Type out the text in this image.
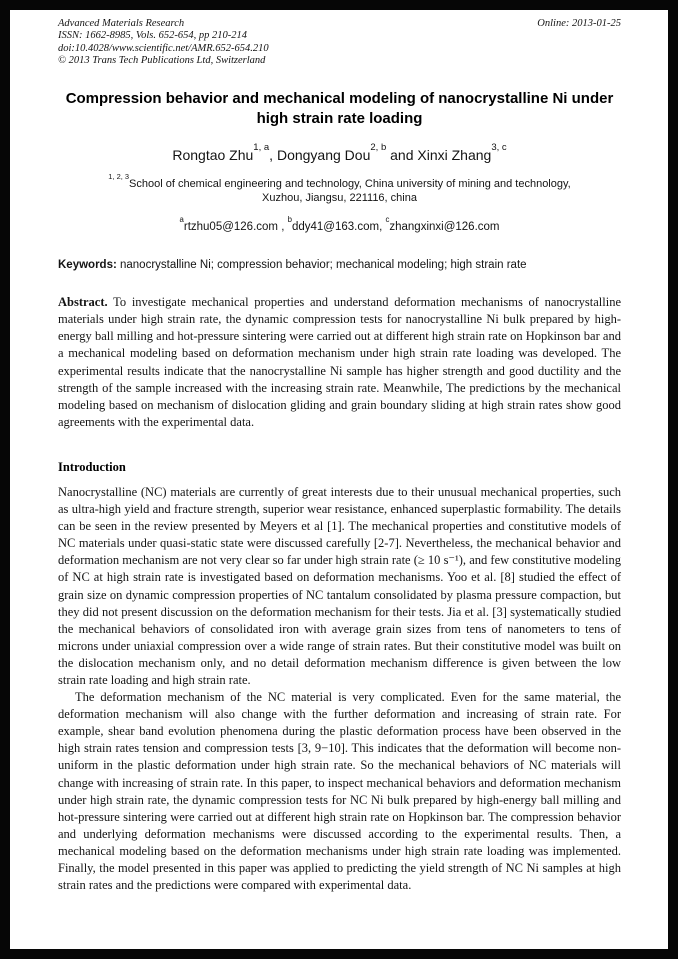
Advanced Materials Research
ISSN: 1662-8985, Vols. 652-654, pp 210-214
doi:10.4028/www.scientific.net/AMR.652-654.210
© 2013 Trans Tech Publications Ltd, Switzerland
Online: 2013-01-25
Compression behavior and mechanical modeling of nanocrystalline Ni under high strain rate loading
Rongtao Zhu$^{1, a}$, Dongyang Dou$^{2, b}$ and Xinxi Zhang$^{3, c}$
$^{1, 2, 3}$School of chemical engineering and technology, China university of mining and technology,
Xuzhou, Jiangsu, 221116, china
$^a$rtzhu05@126.com , $^b$ddy41@163.com, $^c$zhangxinxi@126.com
Keywords: nanocrystalline Ni; compression behavior; mechanical modeling; high strain rate

Abstract. To investigate mechanical properties and understand deformation mechanisms of nanocrystalline materials under high strain rate, the dynamic compression tests for nanocrystalline Ni bulk prepared by high-energy ball milling and hot-pressure sintering were carried out at different high strain rate on Hopkinson bar and a mechanical modeling based on deformation mechanism under high strain rate loading was developed. The experimental results indicate that the nanocrystalline Ni sample has higher strength and good ductility and the strength of the sample increased with the increasing strain rate. Meanwhile, The predictions by the mechanical modeling based on mechanism of dislocation gliding and grain boundary sliding at high strain rates show good agreements with the experimental data.

Introduction

Nanocrystalline (NC) materials are currently of great interests due to their unusual mechanical properties, such as ultra-high yield and fracture strength, superior wear resistance, enhanced superplastic formability. The details can be seen in the review presented by Meyers et al [1]. The mechanical properties and constitutive models of NC materials under quasi-static state were discussed carefully [2-7]. Nevertheless, the mechanical behavior and deformation mechanism are not very clear so far under high strain rate (≥ 10 s⁻¹), and few constitutive modeling of NC at high strain rate is investigated based on deformation mechanisms. Yoo et al. [8] studied the effect of grain size on dynamic compression properties of NC tantalum consolidated by plasma pressure compaction, but they did not present discussion on the deformation mechanism for their tests. Jia et al. [3] systematically studied the mechanical behaviors of consolidated iron with average grain sizes from tens of nanometers to tens of microns under uniaxial compression over a wide range of strain rates. But their constitutive model was built on the dislocation mechanism only, and no detail deformation mechanism difference is given between the low strain rate loading and high strain rate.

The deformation mechanism of the NC material is very complicated. Even for the same material, the deformation mechanism will also change with the further deformation and increasing of strain rate. For example, shear band evolution phenomena during the plastic deformation process have been observed in the high strain rates tension and compression tests [3, 9−10]. This indicates that the deformation will become non-uniform in the plastic deformation under high strain rate. So the mechanical behaviors of NC materials will change with increasing of strain rate. In this paper, to inspect mechanical behaviors and deformation mechanism under high strain rate, the dynamic compression tests for NC Ni bulk prepared by high-energy ball milling and hot-pressure sintering were carried out at different high strain rate on Hopkinson bar. The compression behavior and underlying deformation mechanisms were discussed according to the experimental results. Then, a mechanical modeling based on the deformation mechanisms under high strain rate loading was implemented. Finally, the model presented in this paper was applied to predicting the yield strength of NC Ni samples at high strain rates and the predictions were compared with experimental data.
